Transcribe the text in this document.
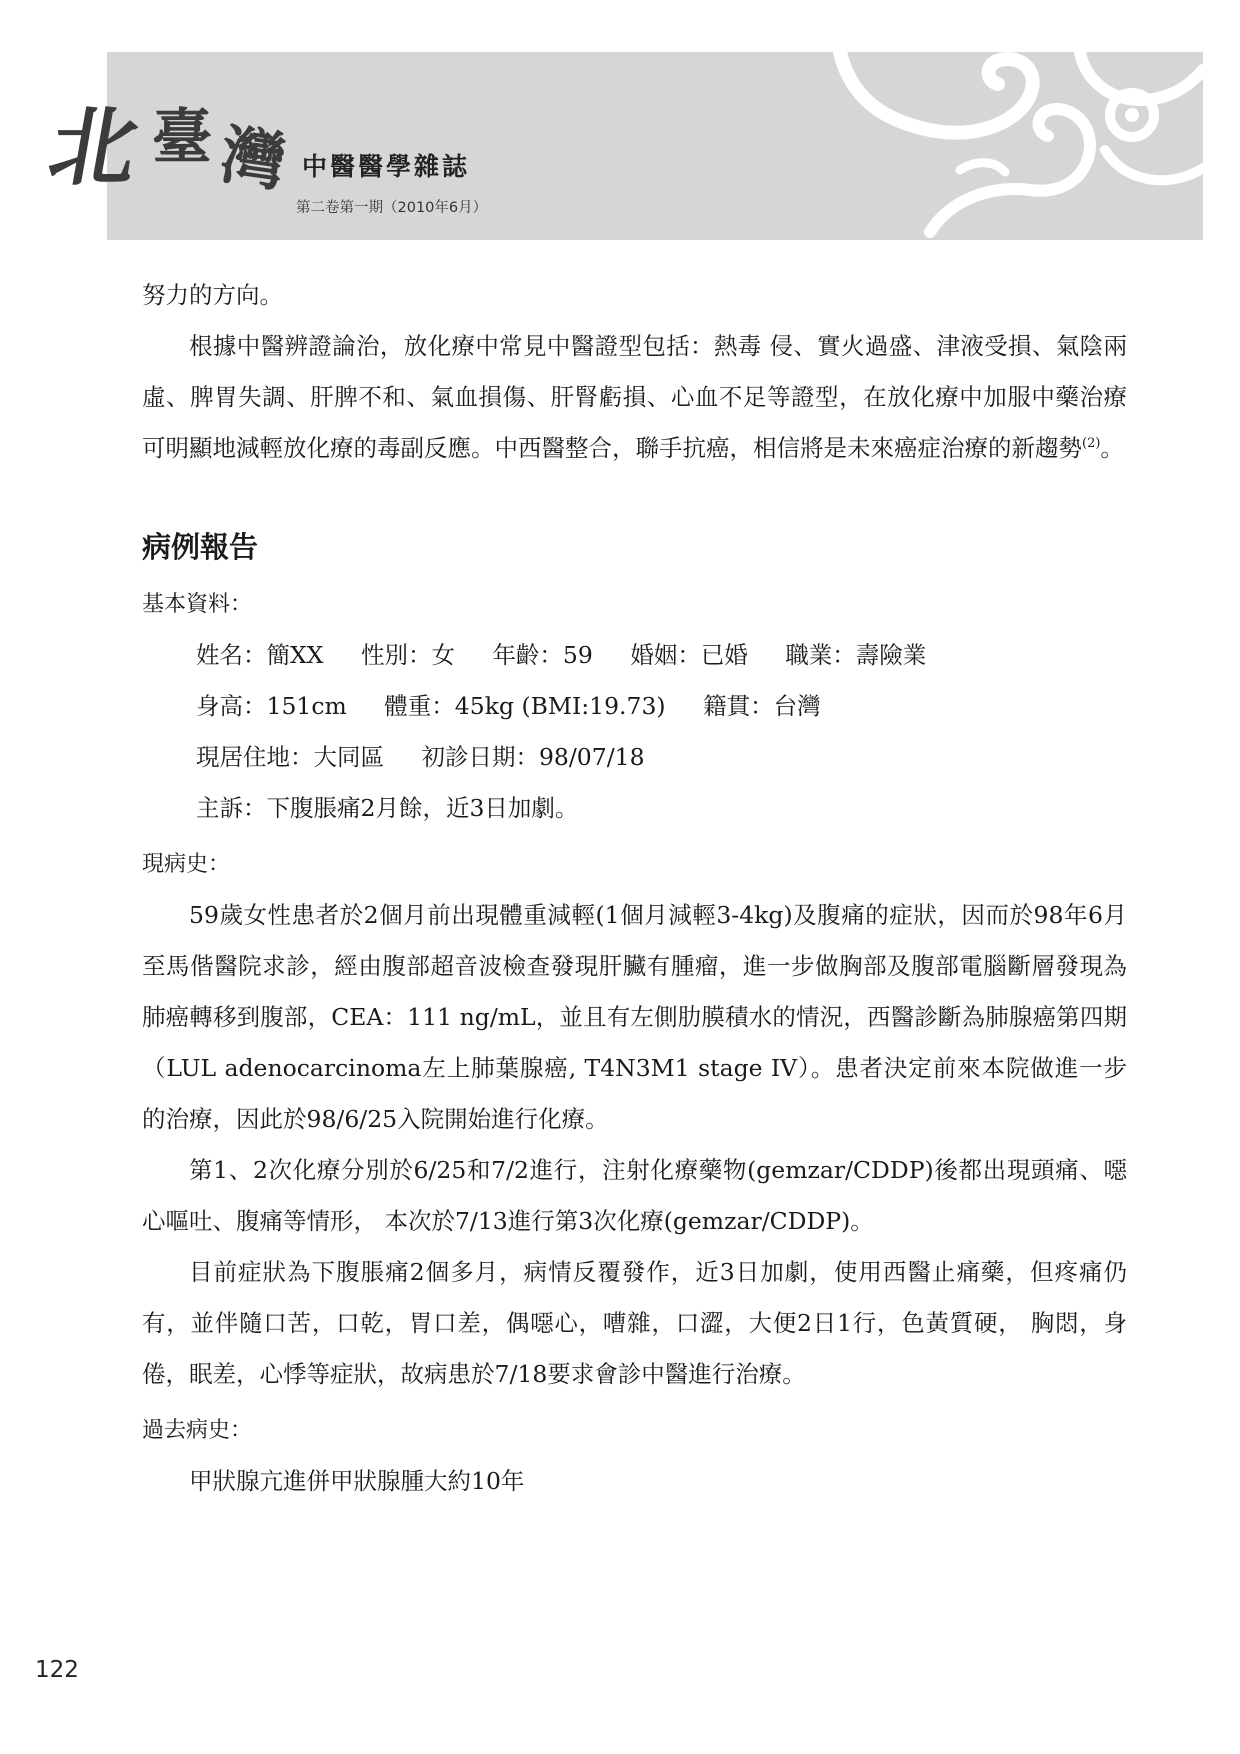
北 臺 灣 中醫醫學雜誌
第二卷第一期（2010年6月）

努力的方向。

根據中醫辨證論治，放化療中常見中醫證型包括：熱毒 侵、實火過盛、津液受損、氣陰兩虛、脾胃失調、肝脾不和、氣血損傷、肝腎虧損、心血不足等證型，在放化療中加服中藥治療可明顯地減輕放化療的毒副反應。中西醫整合，聯手抗癌，相信將是未來癌症治療的新趨勢$^{(2)}$。

病例報告
基本資料：
姓名：簡XX 性別：女 年齡：59 婚姻：已婚 職業：壽險業
身高：151cm 體重：45kg (BMI:19.73) 籍貫：台灣
現居住地：大同區 初診日期：98/07/18
主訴：下腹脹痛2月餘，近3日加劇。
現病史：

59歲女性患者於2個月前出現體重減輕(1個月減輕3-4kg)及腹痛的症狀，因而於98年6月至馬偕醫院求診，經由腹部超音波檢查發現肝臟有腫瘤，進一步做胸部及腹部電腦斷層發現為肺癌轉移到腹部，CEA：111 ng/mL，並且有左側肋膜積水的情況，西醫診斷為肺腺癌第四期（LUL adenocarcinoma左上肺葉腺癌, T4N3M1 stage IV）。患者決定前來本院做進一步的治療，因此於98/6/25入院開始進行化療。

第1、2次化療分別於6/25和7/2進行，注射化療藥物(gemzar/CDDP)後都出現頭痛、噁心嘔吐、腹痛等情形， 本次於7/13進行第3次化療(gemzar/CDDP)。

目前症狀為下腹脹痛2個多月，病情反覆發作，近3日加劇，使用西醫止痛藥，但疼痛仍有，並伴隨口苦，口乾，胃口差，偶噁心，嘈雜，口澀，大便2日1行，色黃質硬， 胸悶，身倦，眠差，心悸等症狀，故病患於7/18要求會診中醫進行治療。

過去病史：

甲狀腺亢進併甲狀腺腫大約10年

122
